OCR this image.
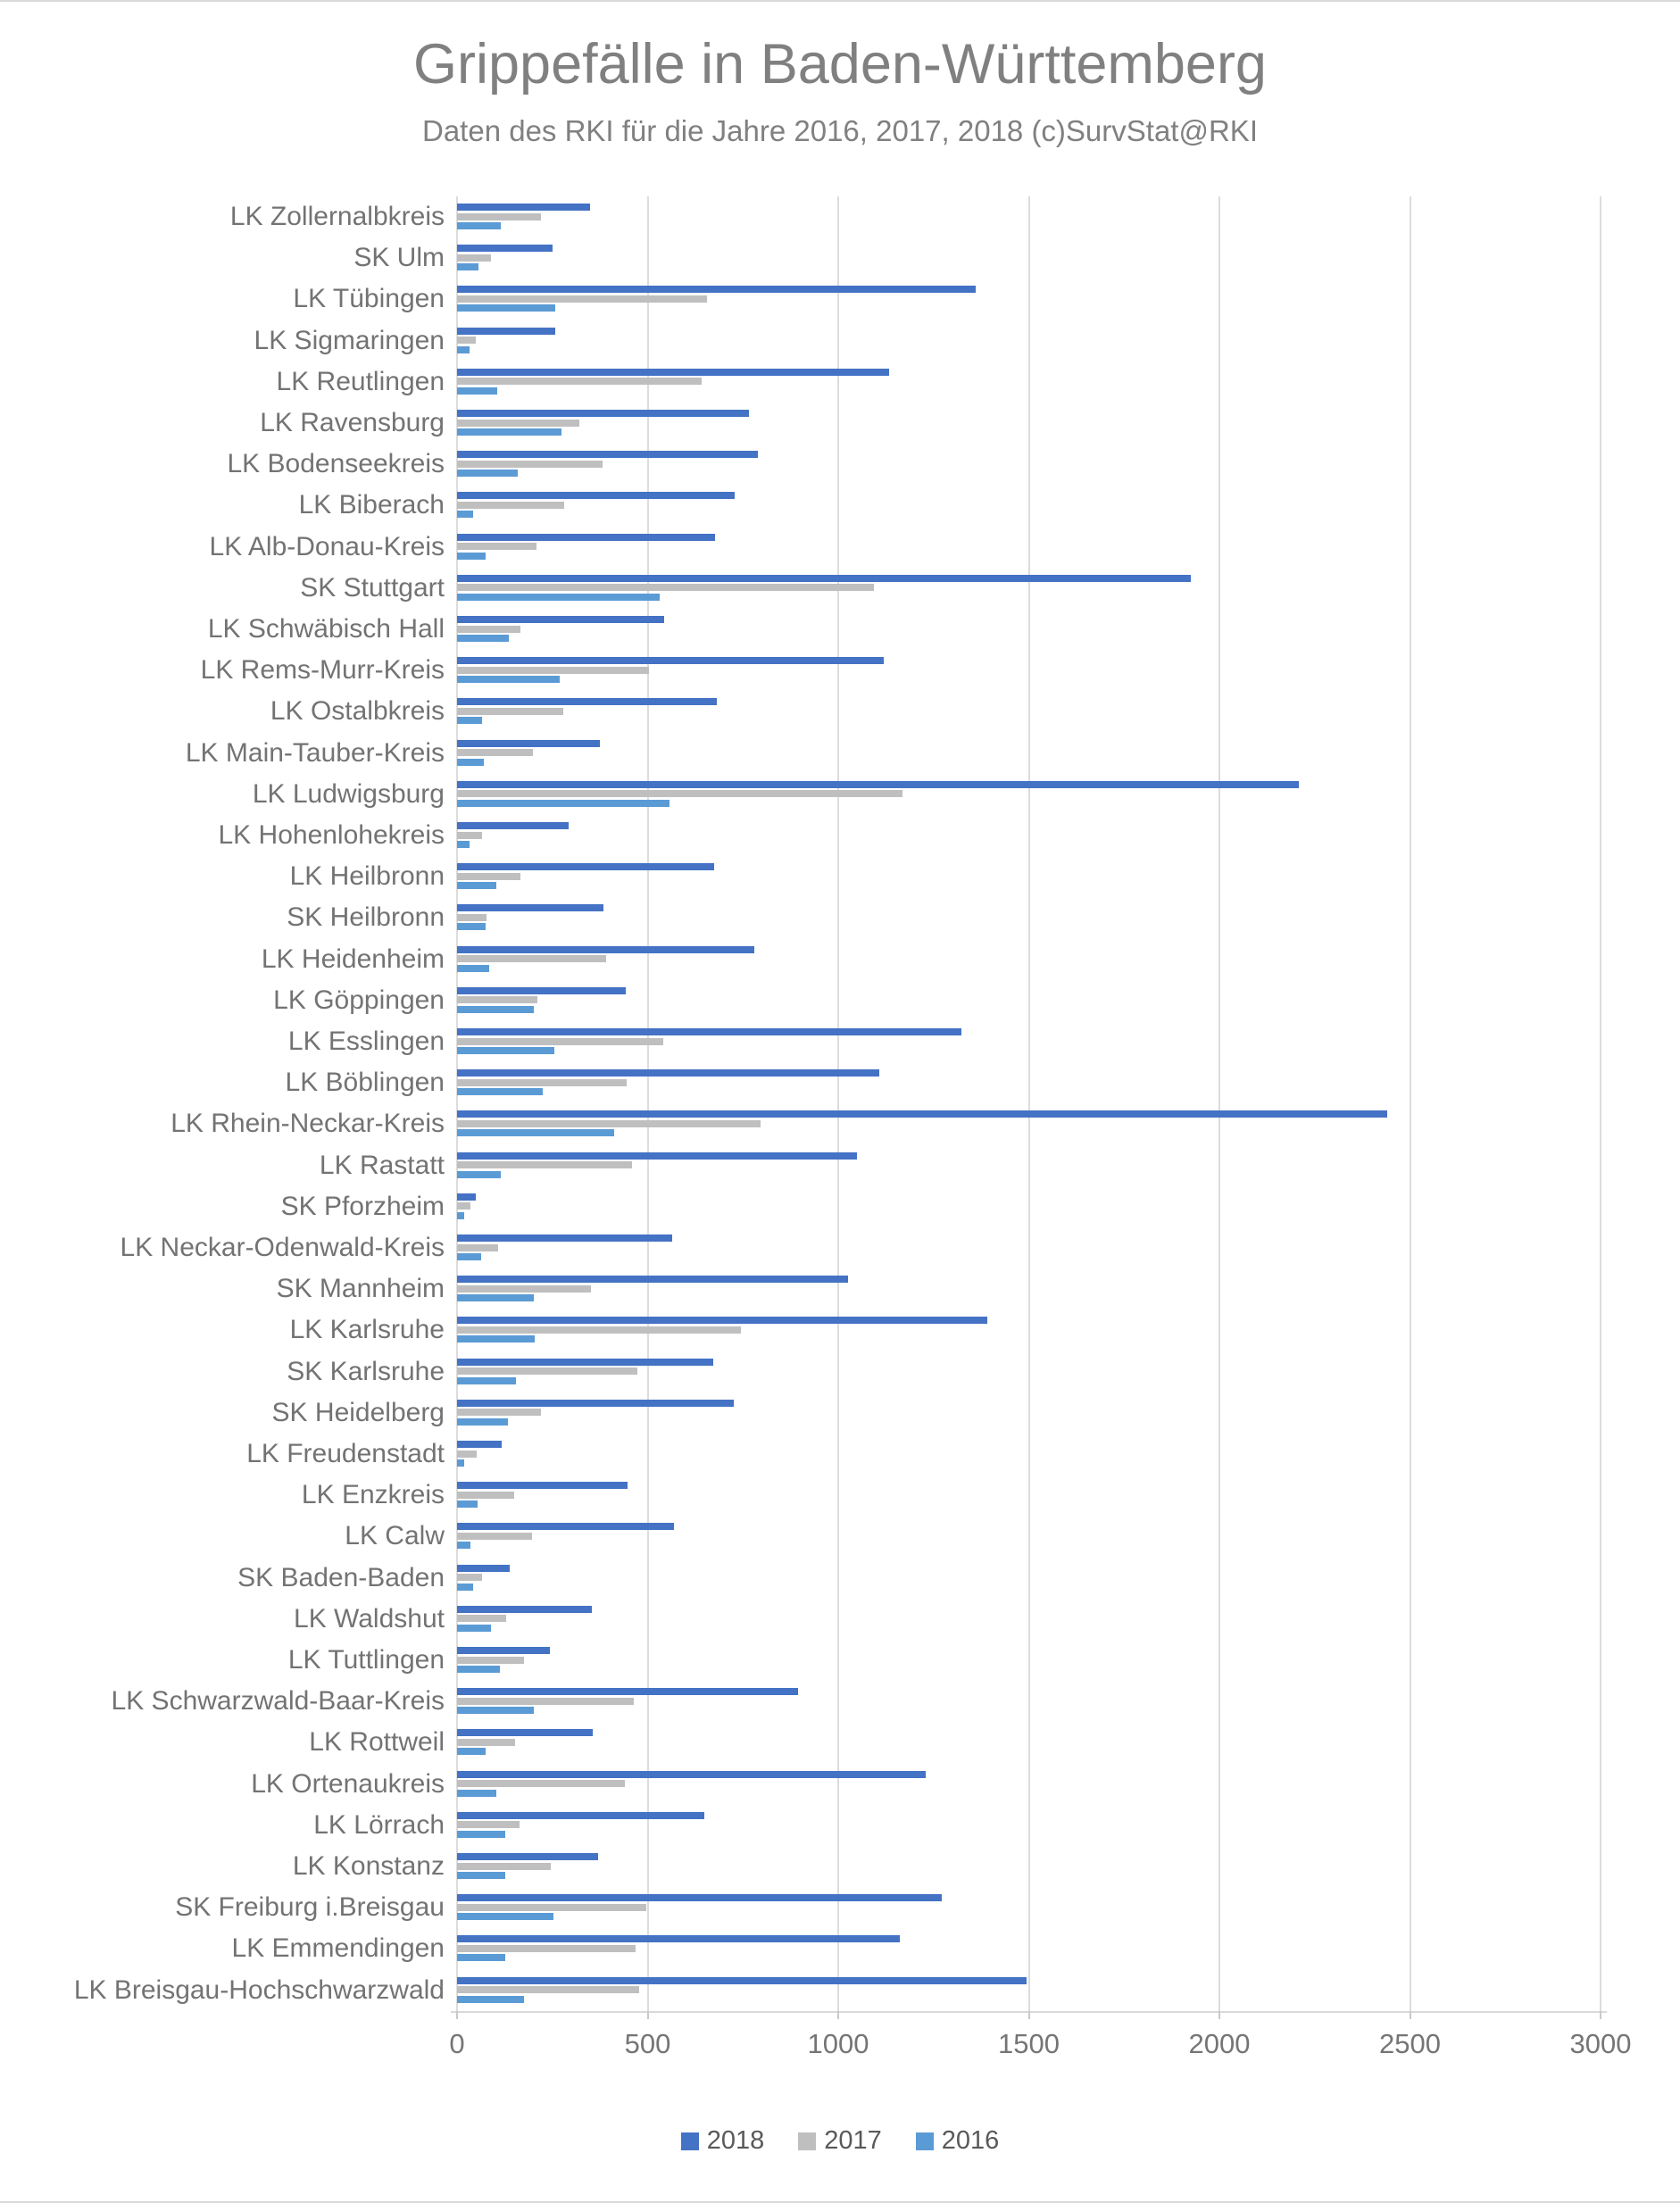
Grippefälle in Baden-Württemberg
Daten des RKI für die Jahre 2016, 2017, 2018 (c)SurvStat@RKI
LK Zollernalbkreis
SK Ulm
LK Tübingen
LK Sigmaringen
LK Reutlingen
LK Ravensburg
LK Bodenseekreis
LK Biberach
LK Alb-Donau-Kreis
SK Stuttgart
LK Schwäbisch Hall
LK Rems-Murr-Kreis
LK Ostalbkreis
LK Main-Tauber-Kreis
LK Ludwigsburg
LK Hohenlohekreis
LK Heilbronn
SK Heilbronn
LK Heidenheim
LK Göppingen
LK Esslingen
LK Böblingen
LK Rhein-Neckar-Kreis
LK Rastatt
SK Pforzheim
LK Neckar-Odenwald-Kreis
SK Mannheim
LK Karlsruhe
SK Karlsruhe
SK Heidelberg
LK Freudenstadt
LK Enzkreis
LK Calw
SK Baden-Baden
LK Waldshut
LK Tuttlingen
LK Schwarzwald-Baar-Kreis
LK Rottweil
LK Ortenaukreis
LK Lörrach
LK Konstanz
SK Freiburg i.Breisgau
LK Emmendingen
LK Breisgau-Hochschwarzwald
0	500	1000	1500	2000	2500	3000
2018 2017 2016
